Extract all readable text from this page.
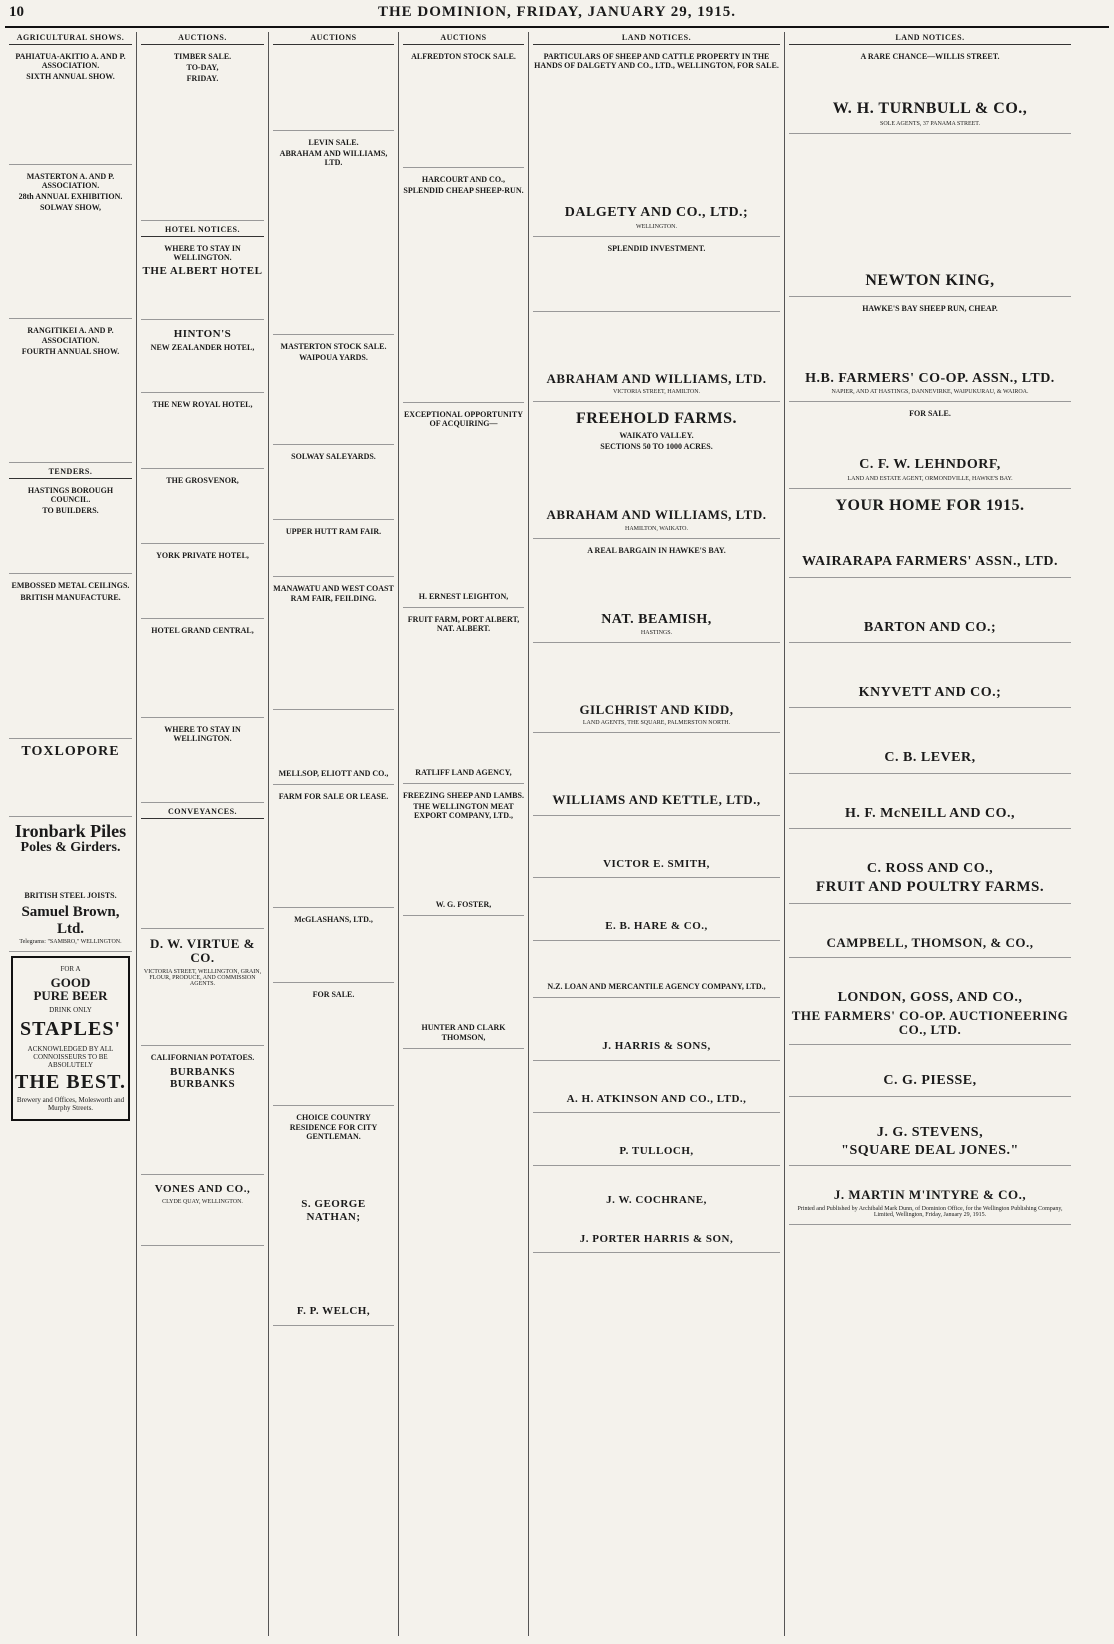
10	THE DOMINION, FRIDAY, JANUARY 29, 1915.
AGRICULTURAL SHOWS.
PAHIATUA-AKITIO A. AND P. ASSOCIATION.
SIXTH ANNUAL SHOW.
MASTERTON A. AND P. ASSOCIATION.
28th ANNUAL EXHIBITION.
SOLWAY SHOW,
RANGITIKEI A. AND P. ASSOCIATION.
FOURTH ANNUAL SHOW.
TENDERS.
HASTINGS BOROUGH COUNCIL.
TO BUILDERS.
EMBOSSED METAL CEILINGS.
BRITISH MANUFACTURE.
TOXLOPORE
Ironbark Piles
Poles & Girders.
BRITISH STEEL JOISTS.
Samuel Brown, Ltd.
Telegrams: "SAMBRO," WELLINGTON.
FOR A
GOOD
PURE BEER
DRINK ONLY
STAPLES'
ACKNOWLEDGED BY ALL CONNOISSEURS TO BE ABSOLUTELY
THE BEST.
Brewery and Offices, Molesworth and Murphy Streets.
AUCTIONS.
TIMBER SALE.
TO-DAY,
FRIDAY.
HOTEL NOTICES.
WHERE TO STAY IN WELLINGTON.
THE ALBERT HOTEL
HINTON'S
NEW ZEALANDER HOTEL,
THE NEW ROYAL HOTEL,
THE GROSVENOR,
YORK PRIVATE HOTEL,
HOTEL GRAND CENTRAL,
WHERE TO STAY IN WELLINGTON.
CONVEYANCES.
D. W. VIRTUE & CO.
VICTORIA STREET, WELLINGTON, GRAIN, FLOUR, PRODUCE, AND COMMISSION AGENTS.
CALIFORNIAN POTATOES.
BURBANKS BURBANKS
VONES AND CO.,
CLYDE QUAY, WELLINGTON.
AUCTIONS
LEVIN SALE.
ABRAHAM AND WILLIAMS, LTD.
MASTERTON STOCK SALE.
WAIPOUA YARDS.
SOLWAY SALEYARDS.
UPPER HUTT RAM FAIR.
MANAWATU AND WEST COAST RAM FAIR, FEILDING.
MELLSOP, ELIOTT AND CO.,
FARM FOR SALE OR LEASE.
McGLASHANS, LTD.,
FOR SALE.
CHOICE COUNTRY RESIDENCE FOR CITY GENTLEMAN.
S. GEORGE NATHAN;
F. P. WELCH,
AUCTIONS
ALFREDTON STOCK SALE.
HARCOURT AND CO.,
SPLENDID CHEAP SHEEP-RUN.
EXCEPTIONAL OPPORTUNITY OF ACQUIRING—
H. ERNEST LEIGHTON,
FRUIT FARM, PORT ALBERT, NAT. ALBERT.
RATLIFF LAND AGENCY,
FREEZING SHEEP AND LAMBS.
THE WELLINGTON MEAT EXPORT COMPANY, LTD.,
W. G. FOSTER,
HUNTER AND CLARK THOMSON,
LAND NOTICES.
PARTICULARS OF SHEEP AND CATTLE PROPERTY IN THE HANDS OF DALGETY AND CO., LTD., WELLINGTON, FOR SALE.
DALGETY AND CO., LTD.;
WELLINGTON.
SPLENDID INVESTMENT.
ABRAHAM AND WILLIAMS, LTD.
VICTORIA STREET, HAMILTON.
FREEHOLD FARMS.
WAIKATO VALLEY.
SECTIONS 50 TO 1000 ACRES.
ABRAHAM AND WILLIAMS, LTD.
HAMILTON, WAIKATO.
A REAL BARGAIN IN HAWKE'S BAY.
NAT. BEAMISH,
HASTINGS.
GILCHRIST AND KIDD,
LAND AGENTS, THE SQUARE, PALMERSTON NORTH.
WILLIAMS AND KETTLE, LTD.,
VICTOR E. SMITH,
E. B. HARE & CO.,
N.Z. LOAN AND MERCANTILE AGENCY COMPANY, LTD.,
J. HARRIS & SONS,
A. H. ATKINSON AND CO., LTD.,
P. TULLOCH,
J. W. COCHRANE,
J. PORTER HARRIS & SON,
LAND NOTICES.
A RARE CHANCE—WILLIS STREET.
W. H. TURNBULL & CO.,
SOLE AGENTS, 37 PANAMA STREET.
NEWTON KING,
HAWKE'S BAY SHEEP RUN, CHEAP.
H.B. FARMERS' CO-OP. ASSN., LTD.
NAPIER, AND AT HASTINGS, DANNEVIRKE, WAIPUKURAU, & WAIROA.
FOR SALE.
C. F. W. LEHNDORF,
LAND AND ESTATE AGENT, ORMONDVILLE, HAWKE'S BAY.
YOUR HOME FOR 1915.
WAIRARAPA FARMERS' ASSN., LTD.
BARTON AND CO.;
KNYVETT AND CO.;
C. B. LEVER,
H. F. McNEILL AND CO.,
C. ROSS AND CO.,
FRUIT AND POULTRY FARMS.
CAMPBELL, THOMSON, & CO.,
LONDON, GOSS, AND CO.,
THE FARMERS' CO-OP. AUCTIONEERING CO., LTD.
C. G. PIESSE,
J. G. STEVENS,
"SQUARE DEAL JONES."
J. MARTIN M'INTYRE & CO.,
Printed and Published by Archibald Mark Dunn, of Dominion Office, for the Wellington Publishing Company, Limited, Wellington, Friday, January 29, 1915.
